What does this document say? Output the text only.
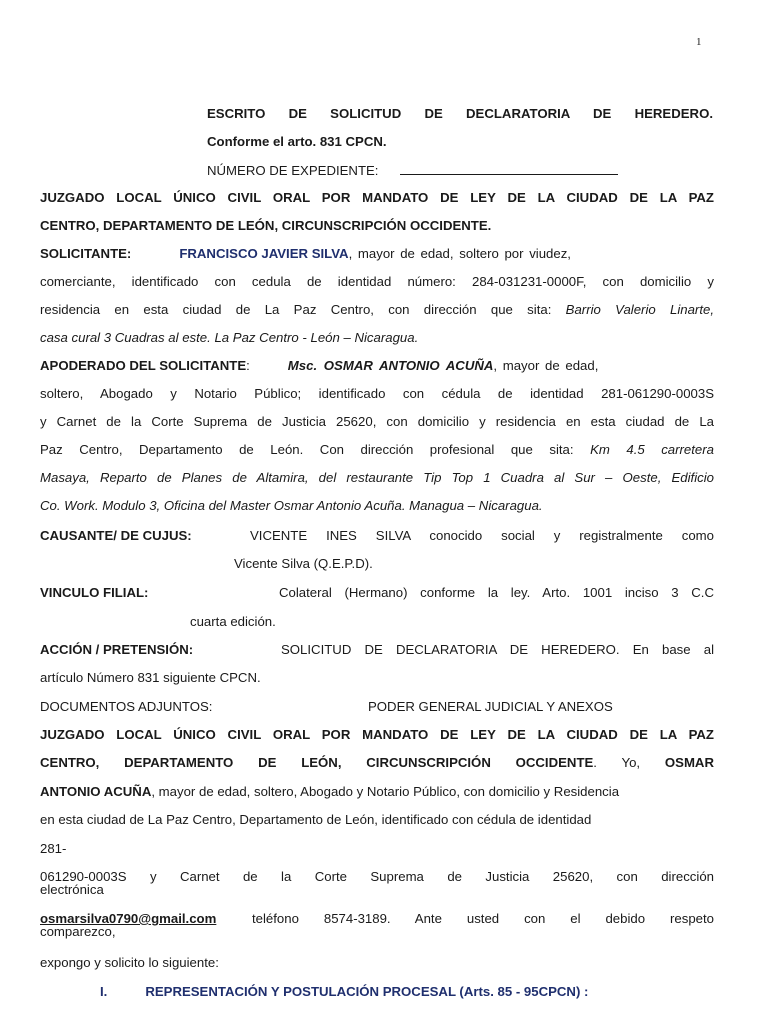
1
ESCRITO DE SOLICITUD DE DECLARATORIA DE HEREDERO.
Conforme el arto. 831 CPCN.
NÚMERO DE EXPEDIENTE:
JUZGADO LOCAL ÚNICO CIVIL ORAL POR MANDATO DE LEY DE LA CIUDAD DE LA PAZ
CENTRO, DEPARTAMENTO DE LEÓN, CIRCUNSCRIPCIÓN OCCIDENTE.
SOLICITANTE:	FRANCISCO JAVIER SILVA, mayor de edad, soltero por viudez,
comerciante, identificado con cedula de identidad número: 284-031231-0000F, con domicilio y
residencia en esta ciudad de La Paz Centro, con dirección que sita: Barrio Valerio Linarte,
casa cural 3 Cuadras al este. La Paz Centro - León – Nicaragua.
APODERADO DEL SOLICITANTE:	Msc. OSMAR ANTONIO ACUÑA, mayor de edad,
soltero, Abogado y Notario Público; identificado con cédula de identidad 281-061290-0003S
y Carnet de la Corte Suprema de Justicia 25620, con domicilio y residencia en esta ciudad de La
Paz Centro, Departamento de León. Con dirección profesional que sita: Km 4.5 carretera
Masaya, Reparto de Planes de Altamira, del restaurante Tip Top 1 Cuadra al Sur – Oeste, Edificio
Co. Work. Modulo 3, Oficina del Master Osmar Antonio Acuña. Managua – Nicaragua.
CAUSANTE/ DE CUJUS:	VICENTE INES SILVA conocido social y registralmente como
Vicente Silva (Q.E.P.D).
VINCULO FILIAL:	Colateral (Hermano) conforme la ley. Arto. 1001 inciso 3 C.C
cuarta edición.
ACCIÓN / PRETENSIÓN:	SOLICITUD DE DECLARATORIA DE HEREDERO. En base al
artículo Número 831 siguiente CPCN.
DOCUMENTOS ADJUNTOS:	PODER GENERAL JUDICIAL Y ANEXOS
JUZGADO LOCAL ÚNICO CIVIL ORAL POR MANDATO DE LEY DE LA CIUDAD DE LA PAZ
CENTRO, DEPARTAMENTO DE LEÓN, CIRCUNSCRIPCIÓN OCCIDENTE. Yo, OSMAR
ANTONIO ACUÑA, mayor de edad, soltero, Abogado y Notario Público, con domicilio y Residencia
en esta ciudad de La Paz Centro, Departamento de León, identificado con cédula de identidad
281-
061290-0003S y Carnet de la Corte Suprema de Justicia 25620, con dirección
electrónica
osmarsilva0790@gmail.com	teléfono 8574-3189. Ante usted con el debido respeto
comparezco,
expongo y solicito lo siguiente:
I.	REPRESENTACIÓN Y POSTULACIÓN PROCESAL (Arts. 85 - 95CPCN) :
